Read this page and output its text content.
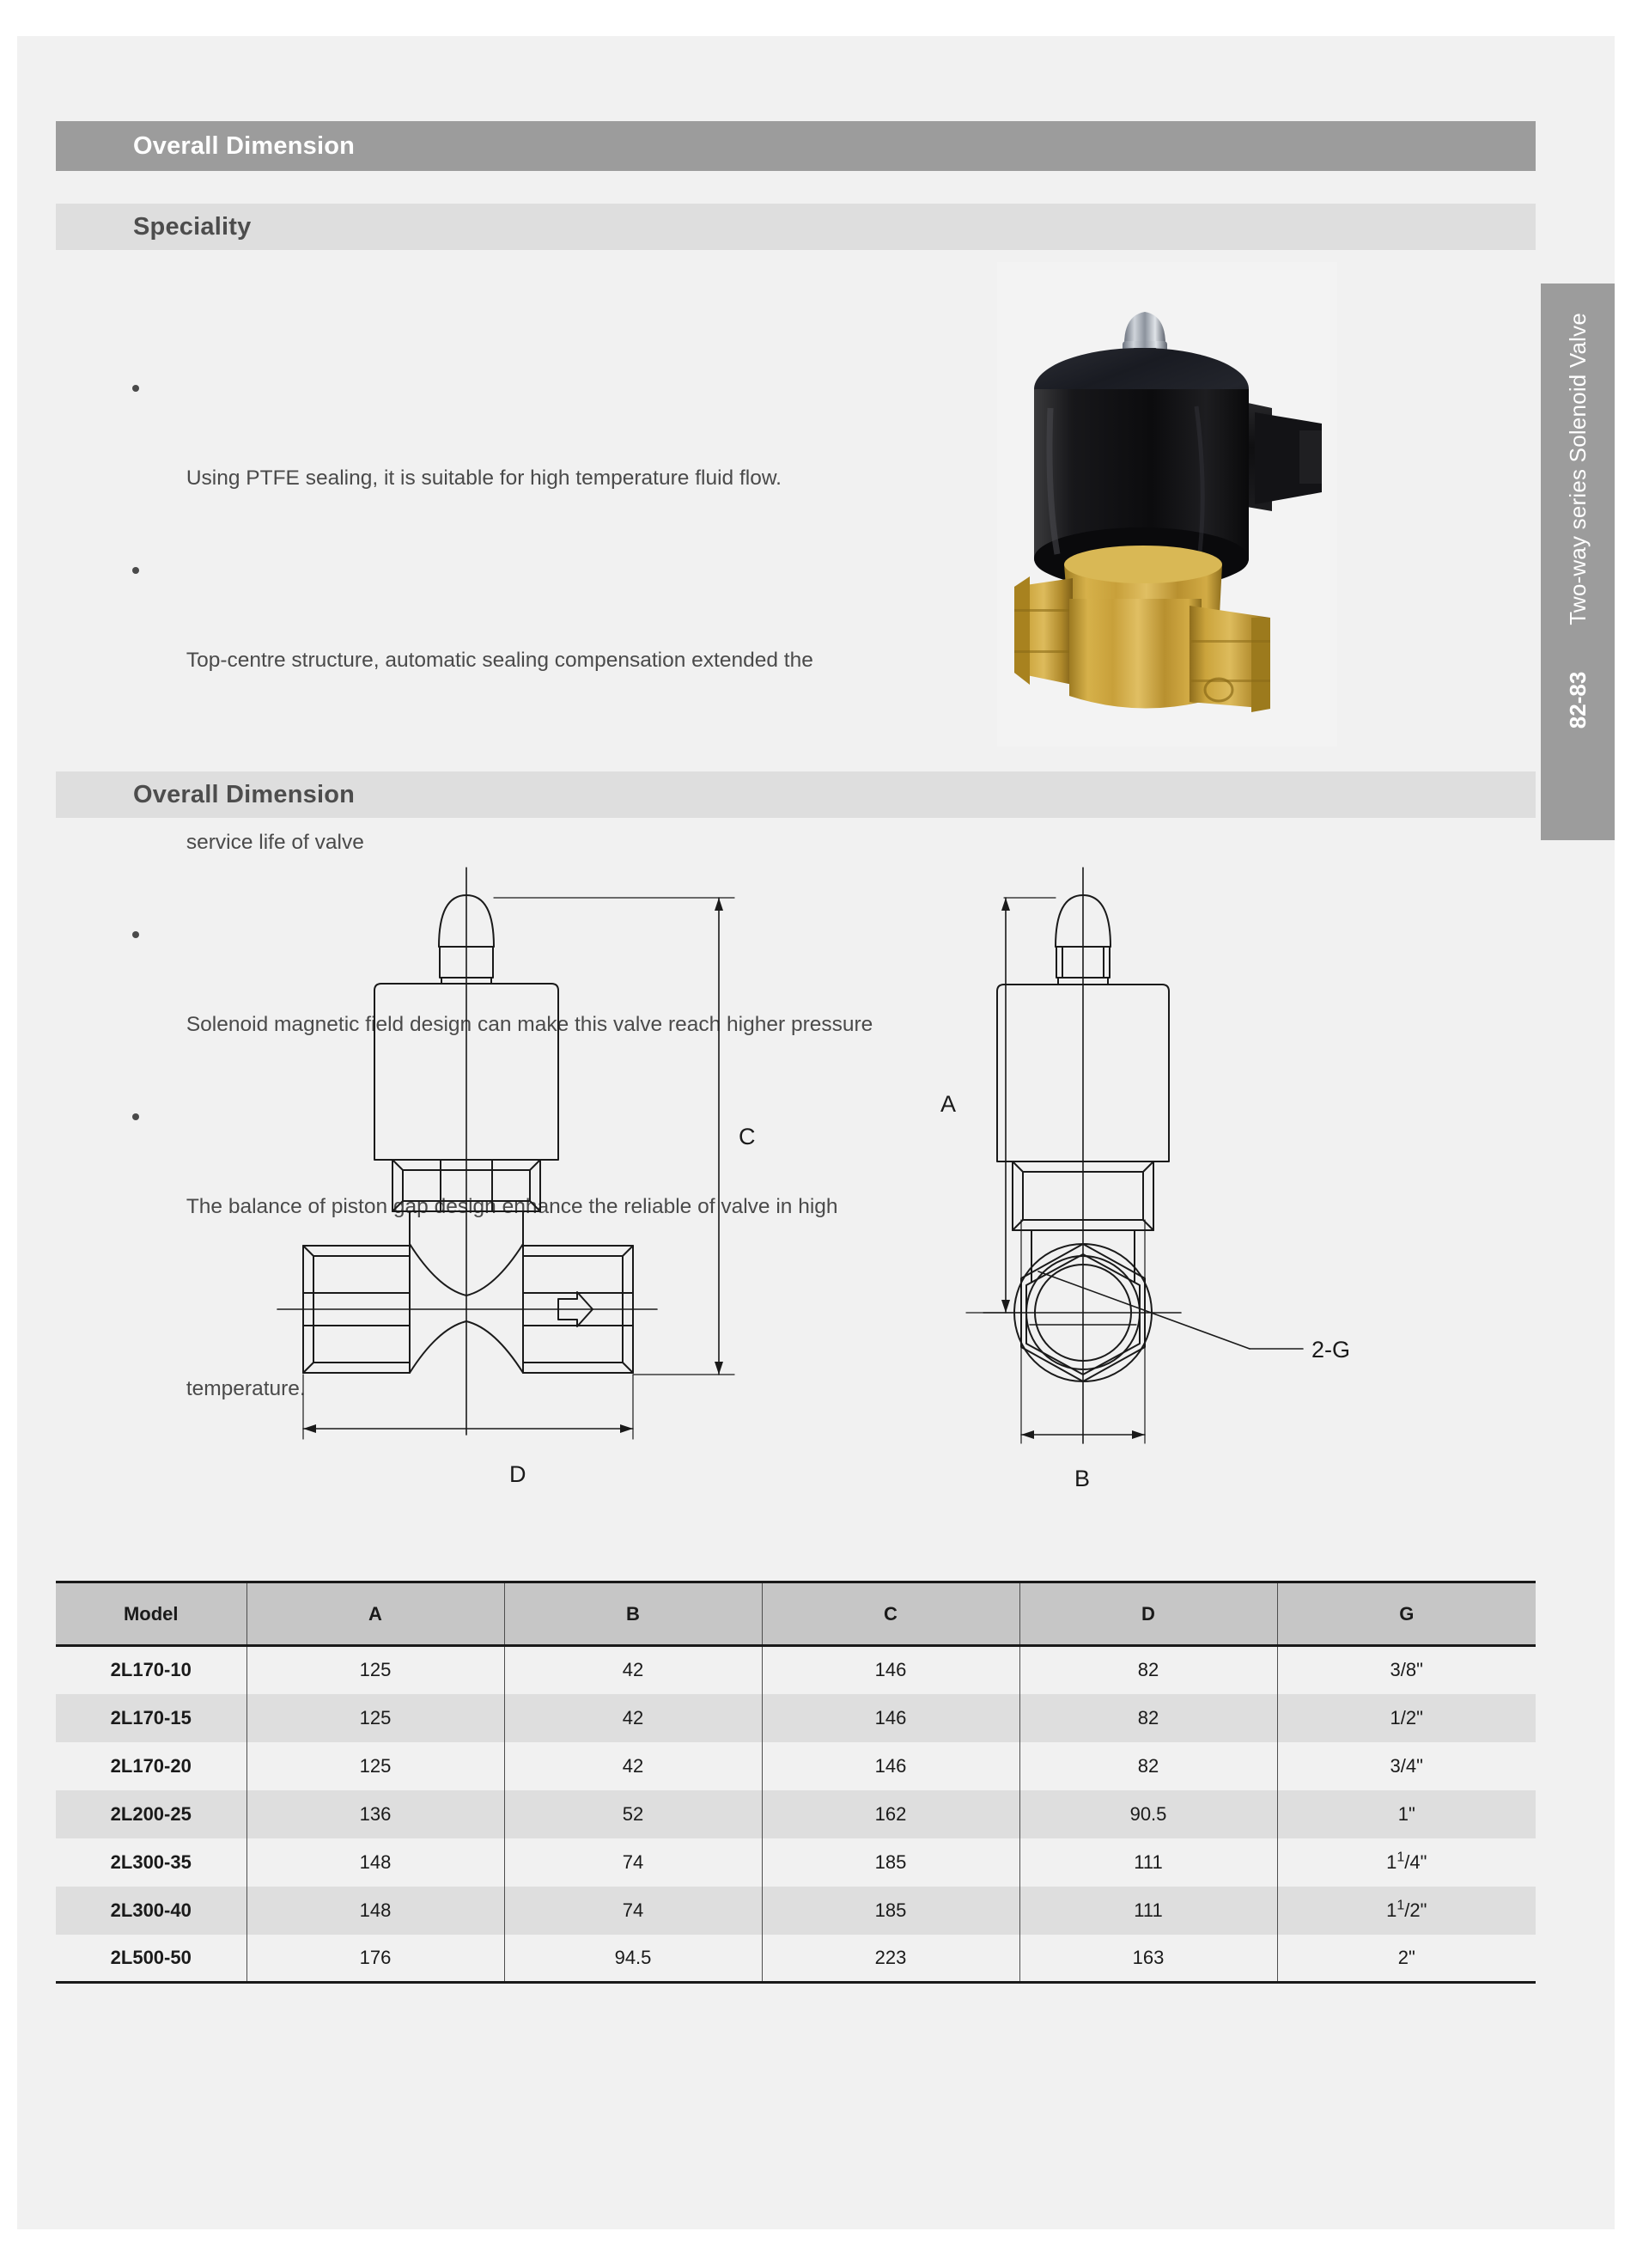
Overall Dimension
Speciality

Using PTFE sealing, it is suitable for high temperature fluid flow.

Top-centre structure, automatic sealing compensation extended the

service life of valve

Solenoid magnetic field design can make this valve reach higher pressure

The balance of piston gap design enhance the reliable of valve in high

temperature.

Overall Dimension
C
D
A
B
2-G
Model	A	B	C	D	G
2L170-10	125	42	146	82	3/8"
2L170-15	125	42	146	82	1/2"
2L170-20	125	42	146	82	3/4"
2L200-25	136	52	162	90.5	1"
2L300-35	148	74	185	111	$1^1/4$"
2L300-40	148	74	185	111	$1^1/2$"
2L500-50	176	94.5	223	163	2"
Two-way series Solenoid Valve
82-83
